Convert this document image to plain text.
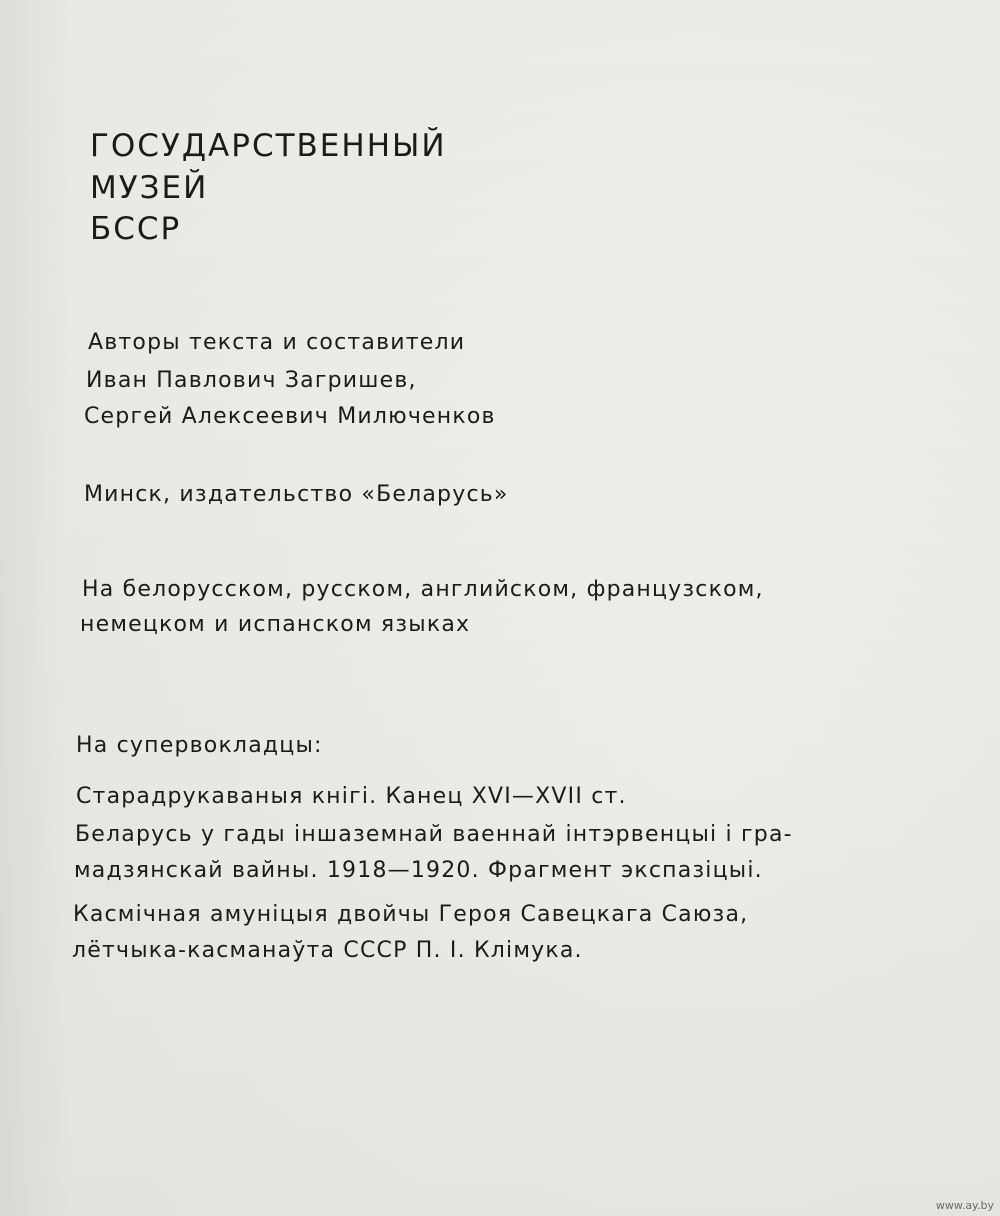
ГОСУДАРСТВЕННЫЙ

МУЗЕЙ

БССР

Авторы текста и составители

Иван Павлович Загришев,

Сергей Алексеевич Милюченков

Минск, издательство «Беларусь»

На белорусском, русском, английском, французском,

немецком и испанском языках

На супервокладцы:

Старадрукаваныя кнігі. Канец XVI—XVII ст.

Беларусь у гады іншаземнай ваеннай інтэрвенцыі і гра-

мадзянскай вайны. 1918—1920. Фрагмент экспазіцыі.

Касмічная амуніцыя двойчы Героя Савецкага Саюза,

лётчыка-касманаўта СССР П. І. Клімука.

www.ay.by
